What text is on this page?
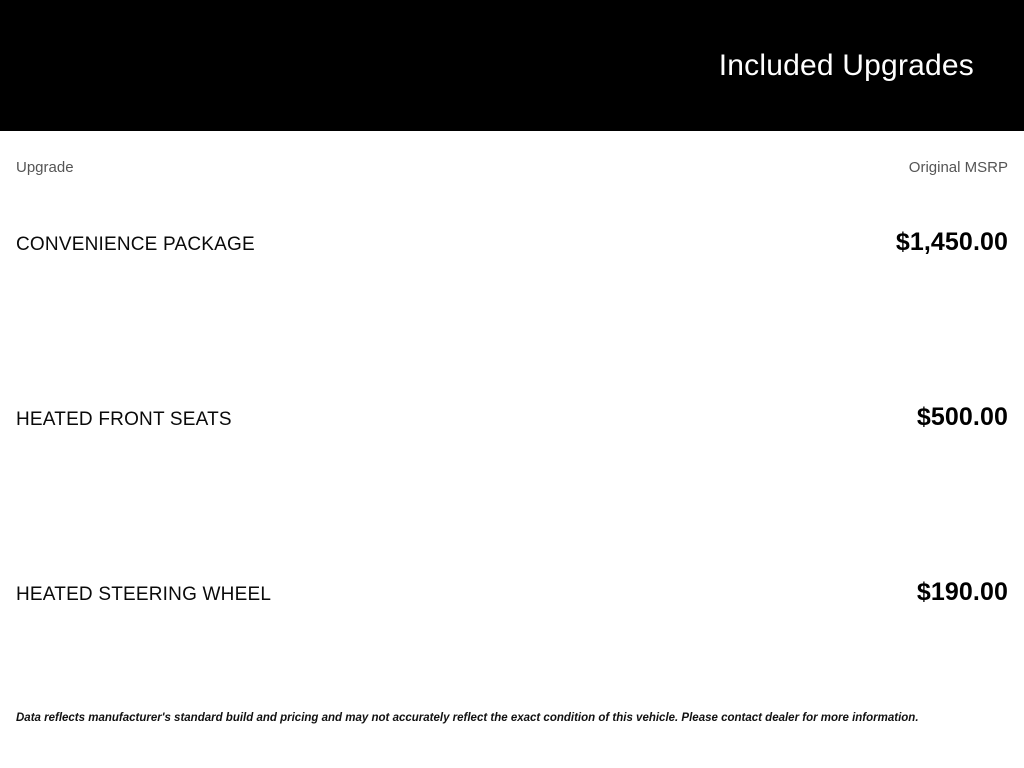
Included Upgrades
Upgrade	Original MSRP
CONVENIENCE PACKAGE	$1,450.00
HEATED FRONT SEATS	$500.00
HEATED STEERING WHEEL	$190.00
Data reflects manufacturer's standard build and pricing and may not accurately reflect the exact condition of this vehicle. Please contact dealer for more information.
